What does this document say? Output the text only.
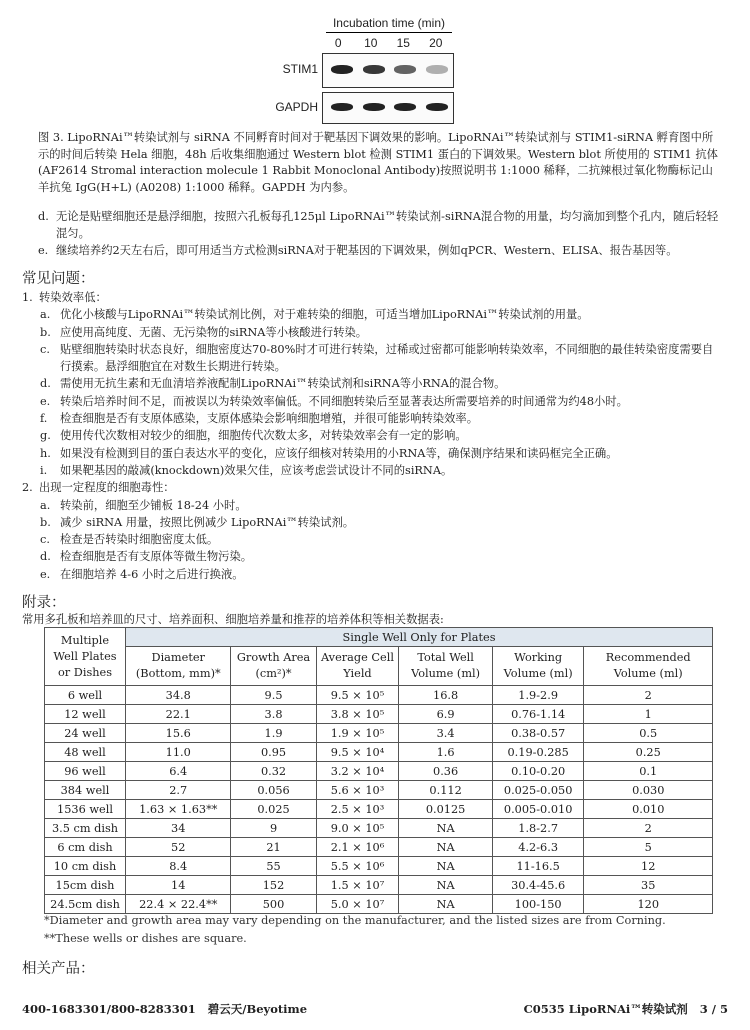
Incubation time (min)
0	10	15	20
STIM1
GAPDH
图 3. LipoRNAi™转染试剂与 siRNA 不同孵育时间对于靶基因下调效果的影响。LipoRNAi™转染试剂与 STIM1-siRNA 孵育图中所示的时间后转染 Hela 细胞，48h 后收集细胞通过 Western blot 检测 STIM1 蛋白的下调效果。Western blot 所使用的 STIM1 抗体(AF2614 Stromal interaction molecule 1 Rabbit Monoclonal Antibody)按照说明书 1:1000 稀释，二抗辣根过氧化物酶标记山羊抗兔 IgG(H+L) (A0208) 1:1000 稀释。GAPDH 为内参。
d. 无论是贴壁细胞还是悬浮细胞，按照六孔板每孔125μl LipoRNAi™转染试剂-siRNA混合物的用量，均匀滴加到整个孔内，随后轻轻混匀。
e. 继续培养约2天左右后，即可用适当方式检测siRNA对于靶基因的下调效果，例如qPCR、Western、ELISA、报告基因等。
常见问题：
1. 转染效率低：
a. 优化小核酸与LipoRNAi™转染试剂比例，对于难转染的细胞，可适当增加LipoRNAi™转染试剂的用量。
b. 应使用高纯度、无菌、无污染物的siRNA等小核酸进行转染。
c. 贴壁细胞转染时状态良好，细胞密度达70-80%时才可进行转染，过稀或过密都可能影响转染效率，不同细胞的最佳转染密度需要自行摸索。悬浮细胞宜在对数生长期进行转染。
d. 需使用无抗生素和无血清培养液配制LipoRNAi™转染试剂和siRNA等小RNA的混合物。
e. 转染后培养时间不足，而被误以为转染效率偏低。不同细胞转染后至显著表达所需要培养的时间通常为约48小时。
f.	检查细胞是否有支原体感染，支原体感染会影响细胞增殖，并很可能影响转染效率。
g. 使用传代次数相对较少的细胞，细胞传代次数太多，对转染效率会有一定的影响。
h. 如果没有检测到目的蛋白表达水平的变化，应该仔细核对转染用的小RNA等，确保测序结果和读码框完全正确。
i.	如果靶基因的敲减(knockdown)效果欠佳，应该考虑尝试设计不同的siRNA。
2. 出现一定程度的细胞毒性：
a. 转染前，细胞至少铺板 18-24 小时。
b. 减少 siRNA 用量，按照比例减少 LipoRNAi™转染试剂。
c. 检查是否转染时细胞密度太低。
d. 检查细胞是否有支原体等微生物污染。
e. 在细胞培养 4-6 小时之后进行换液。
附录：
常用多孔板和培养皿的尺寸、培养面积、细胞培养量和推荐的培养体积等相关数据表:
Multiple Well Plates or Dishes	Single Well Only for Plates					
	Diameter (Bottom, mm)*	Growth Area (cm²)*	Average Cell Yield	Total Well Volume (ml)	Working Volume (ml)	Recommended Volume (ml)
6 well	34.8	9.5	9.5 × 10⁵	16.8	1.9-2.9	2
12 well	22.1	3.8	3.8 × 10⁵	6.9	0.76-1.14	1
24 well	15.6	1.9	1.9 × 10⁵	3.4	0.38-0.57	0.5
48 well	11.0	0.95	9.5 × 10⁴	1.6	0.19-0.285	0.25
96 well	6.4	0.32	3.2 × 10⁴	0.36	0.10-0.20	0.1
384 well	2.7	0.056	5.6 × 10³	0.112	0.025-0.050	0.030
1536 well	1.63 × 1.63**	0.025	2.5 × 10³	0.0125	0.005-0.010	0.010
3.5 cm dish	34	9	9.0 × 10⁵	NA	1.8-2.7	2
6 cm dish	52	21	2.1 × 10⁶	NA	4.2-6.3	5
10 cm dish	8.4	55	5.5 × 10⁶	NA	11-16.5	12
15cm dish	14	152	1.5 × 10⁷	NA	30.4-45.6	35
24.5cm dish	22.4 × 22.4**	500	5.0 × 10⁷	NA	100-150	120
*Diameter and growth area may vary depending on the manufacturer, and the listed sizes are from Corning.
**These wells or dishes are square.
相关产品：
400-1683301/800-8283301 碧云天/Beyotime	C0535 LipoRNAi™转染试剂 3 / 5
